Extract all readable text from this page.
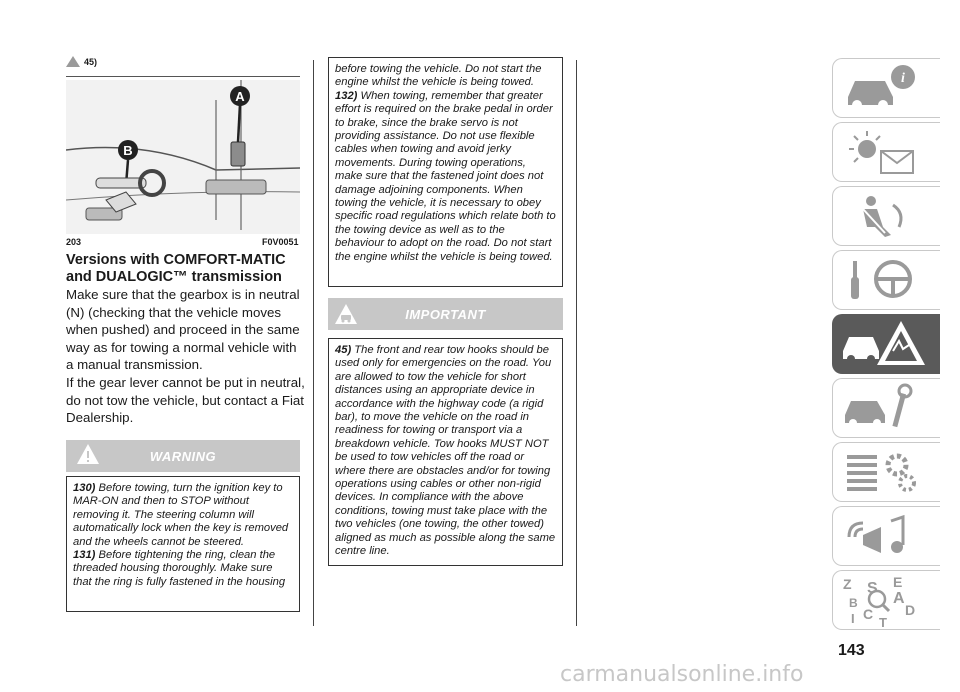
45)
A
B
203	F0V0051
Versions with COMFORT-MATIC and DUALOGIC™ transmission
Make sure that the gearbox is in neutral (N) (checking that the vehicle moves when pushed) and proceed in the same way as for towing a normal vehicle with a manual transmission.
If the gear lever cannot be put in neutral, do not tow the vehicle, but contact a Fiat Dealership.
WARNING
130) Before towing, turn the ignition key to MAR-ON and then to STOP without removing it. The steering column will automatically lock when the key is removed and the wheels cannot be steered.
131) Before tightening the ring, clean the threaded housing thoroughly. Make sure that the ring is fully fastened in the housing
before towing the vehicle. Do not start the engine whilst the vehicle is being towed.
132) When towing, remember that greater effort is required on the brake pedal in order to brake, since the brake servo is not providing assistance. Do not use flexible cables when towing and avoid jerky movements. During towing operations, make sure that the fastened joint does not damage adjoining components. When towing the vehicle, it is necessary to obey specific road regulations which relate both to the towing device as well as to the behaviour to adopt on the road. Do not start the engine whilst the vehicle is being towed.
IMPORTANT
45) The front and rear tow hooks should be used only for emergencies on the road. You are allowed to tow the vehicle for short distances using an appropriate device in accordance with the highway code (a rigid bar), to move the vehicle on the road in readiness for towing or transport via a breakdown vehicle. Tow hooks MUST NOT be used to tow vehicles off the road or where there are obstacles and/or for towing operations using cables or other non-rigid devices. In compliance with the above conditions, towing must take place with the two vehicles (one towing, the other towed) aligned as much as possible along the same centre line.
i
Z	E
S
A
B
C D
I T
143
carmanualsonline.info
